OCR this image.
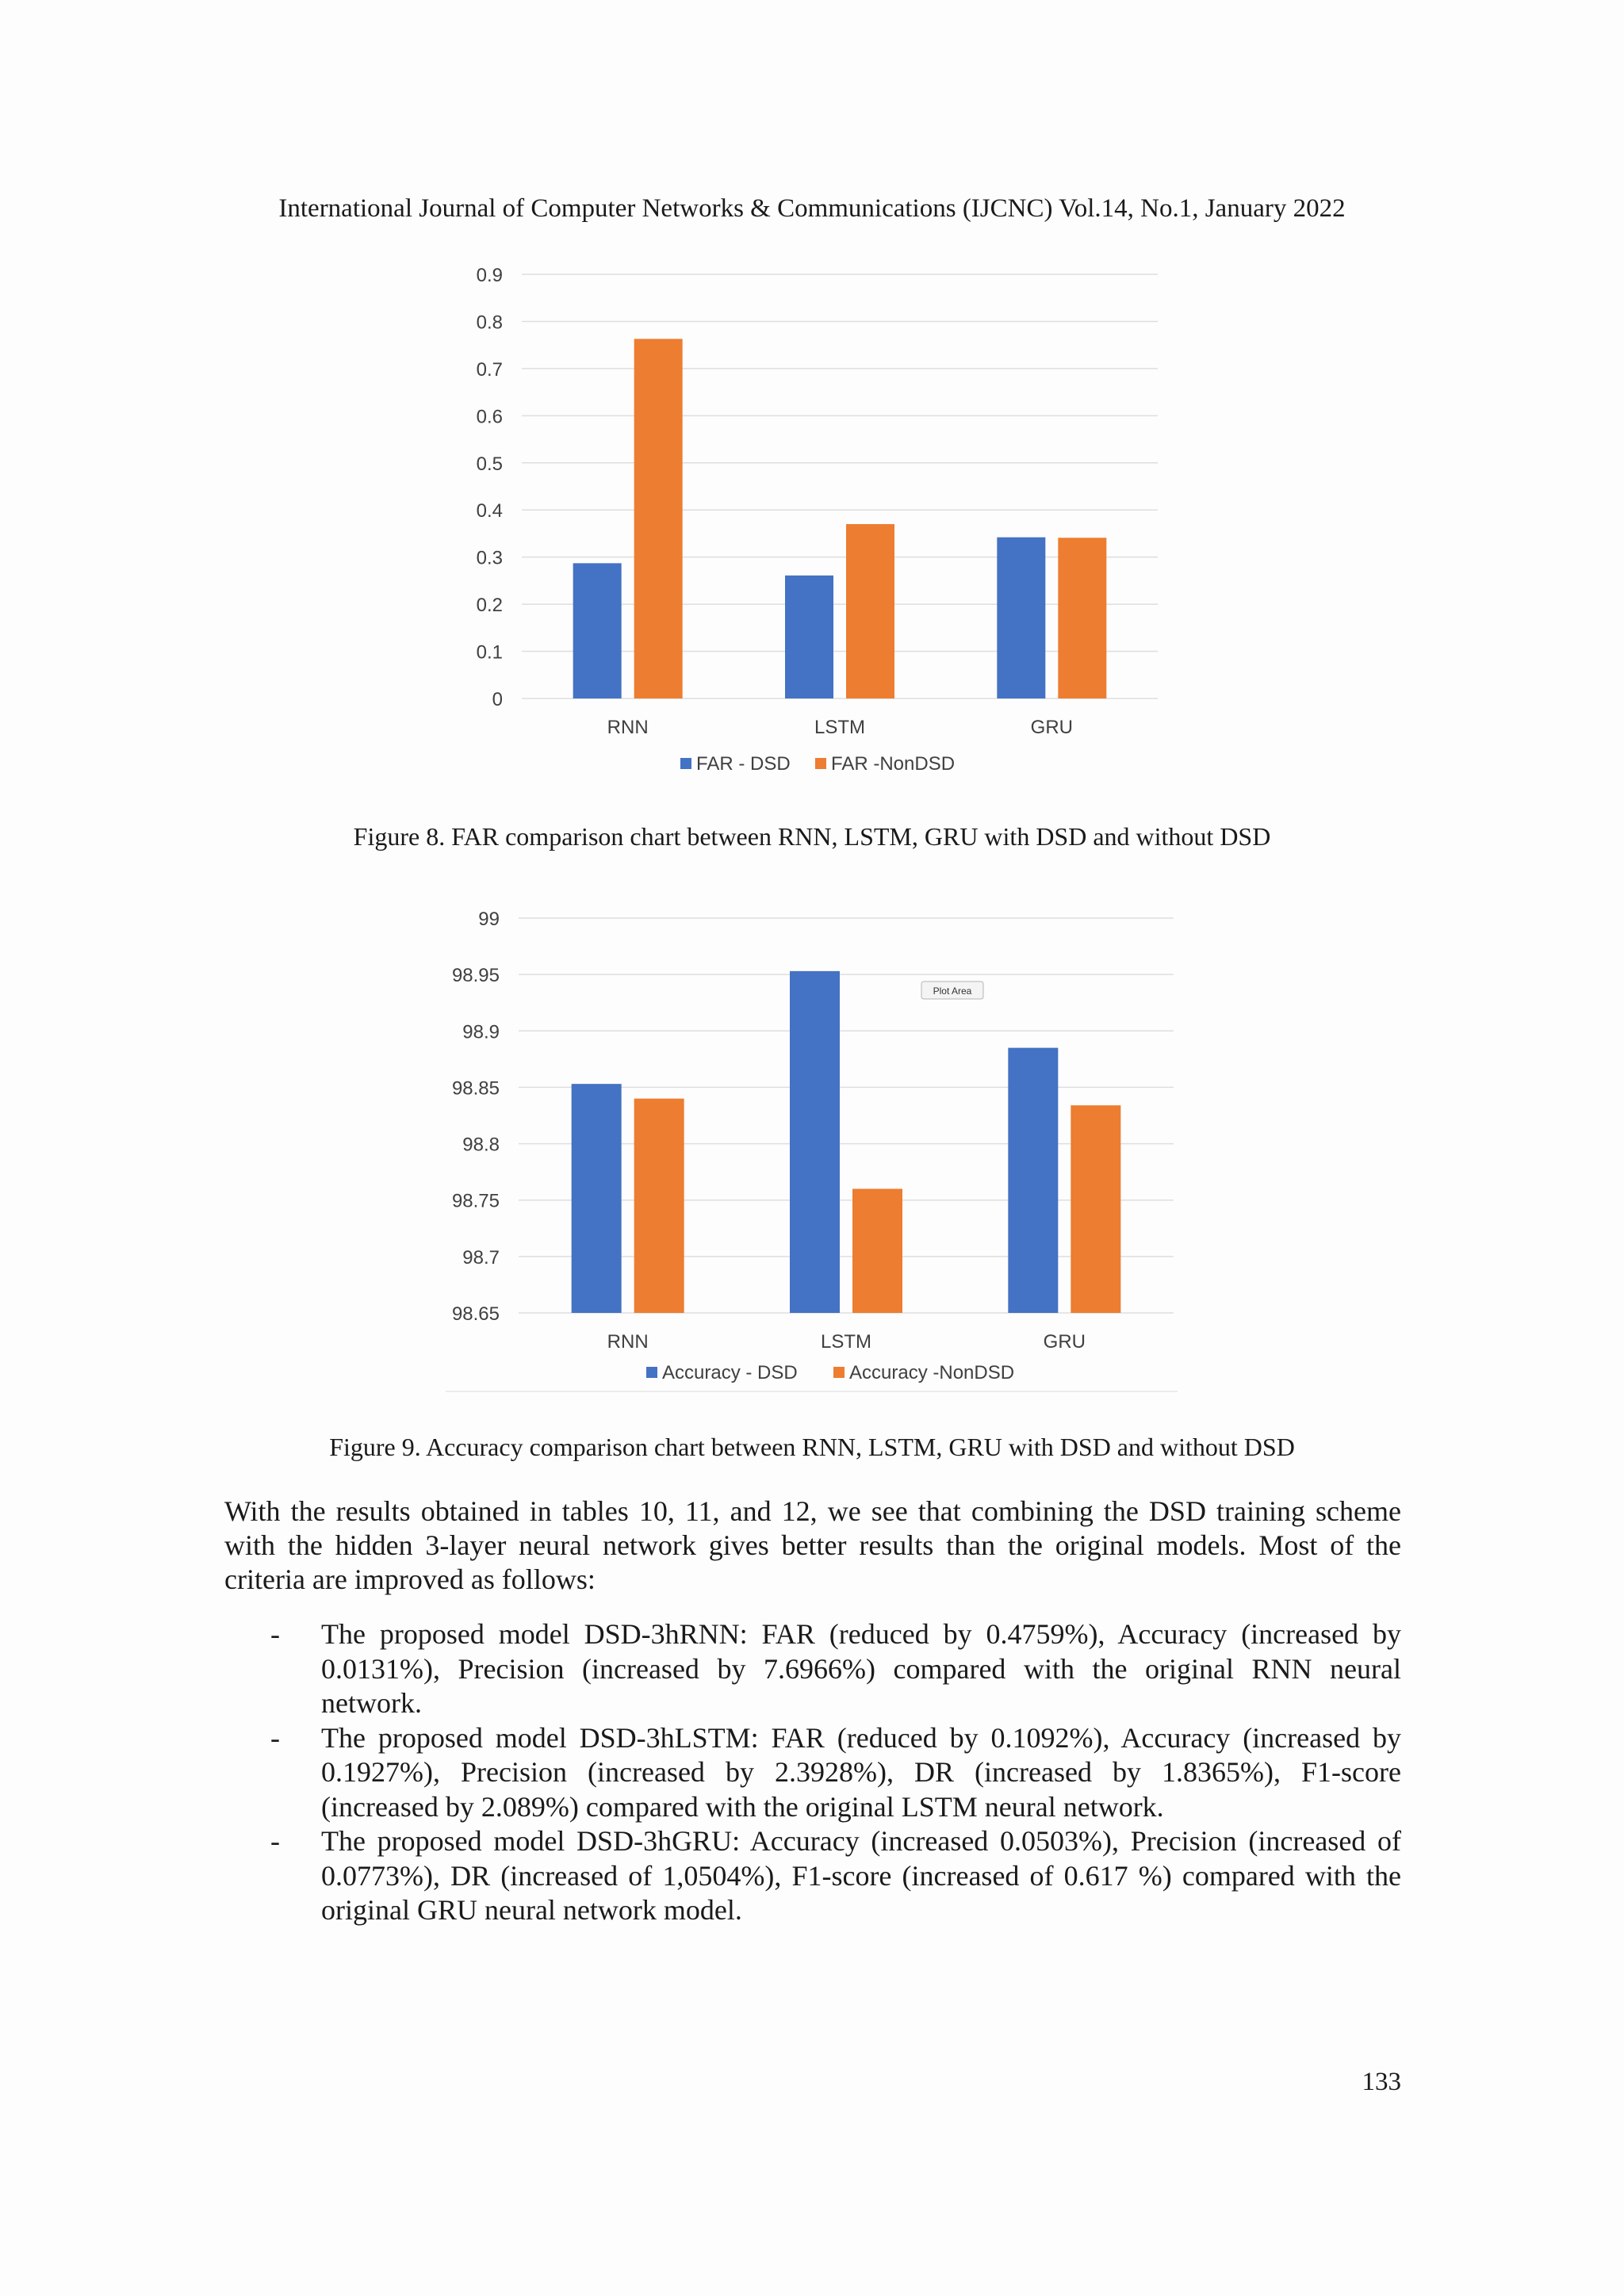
International Journal of Computer Networks & Communications (IJCNC) Vol.14, No.1, January 2022
0
0.1
0.2
0.3
0.4
0.5
0.6
0.7
0.8
0.9
RNN	LSTM	GRU
FAR - DSD FAR -NonDSD
Figure 8. FAR comparison chart between RNN, LSTM, GRU with DSD and without DSD
98.65
98.7
98.75
98.8
98.85
98.9
98.95
99
RNN	LSTM	GRU
Accuracy - DSD	Accuracy -NonDSD
Plot Area
Figure 9. Accuracy comparison chart between RNN, LSTM, GRU with DSD and without DSD

With the results obtained in tables 10, 11, and 12, we see that combining the DSD training scheme with the hidden 3-layer neural network gives better results than the original models. Most of the criteria are improved as follows:

- The proposed model DSD-3hRNN: FAR (reduced by 0.4759%), Accuracy (increased by 0.0131%), Precision (increased by 7.6966%) compared with the original RNN neural network.
- The proposed model DSD-3hLSTM: FAR (reduced by 0.1092%), Accuracy (increased by 0.1927%), Precision (increased by 2.3928%), DR (increased by 1.8365%), F1-score (increased by 2.089%) compared with the original LSTM neural network.
- The proposed model DSD-3hGRU: Accuracy (increased 0.0503%), Precision (increased of 0.0773%), DR (increased of 1,0504%), F1-score (increased of 0.617 %) compared with the original GRU neural network model.
133
